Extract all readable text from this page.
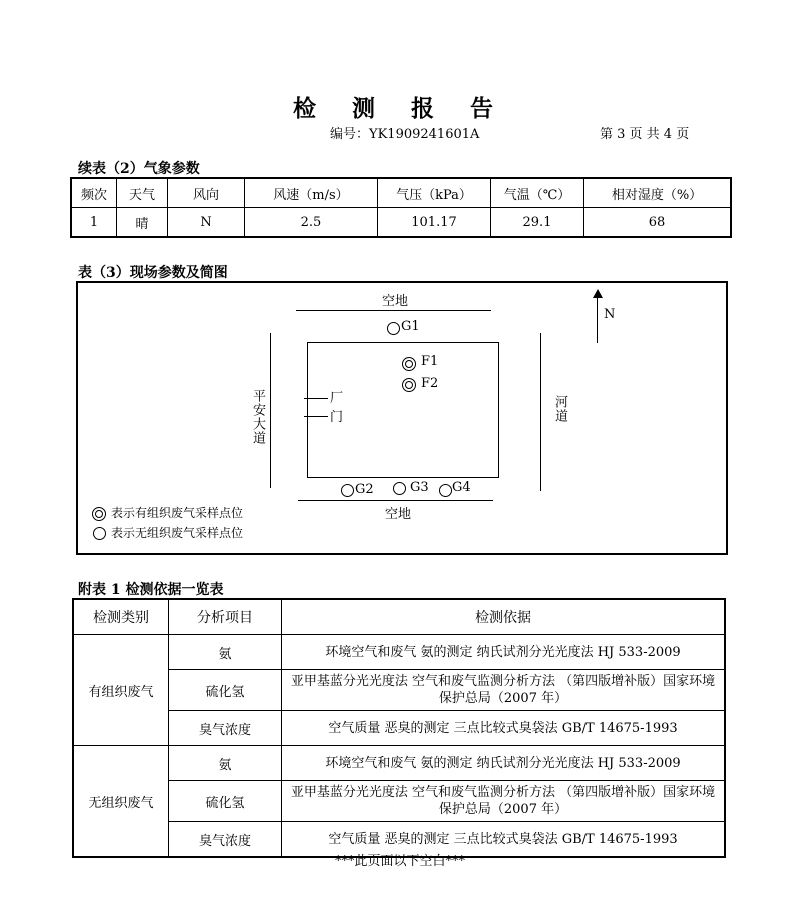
检 测 报 告
编号：YK1909241601A	第 3 页 共 4 页
续表（2）气象参数
频次	天气	风向	风速（m/s）	气压（kPa）	气温（℃）	相对湿度（%）
1	晴	N	2.5	101.17	29.1	68
表（3）现场参数及简图
空地
G1
F1
F2
厂
门
平安大道	河道
N
G2	G3 G4
空地
表示有组织废气采样点位
表示无组织废气采样点位
附表 1 检测依据一览表
检测类别	分析项目	检测依据
有组织废气	氨	环境空气和废气 氨的测定 纳氏试剂分光光度法 HJ 533-2009
	硫化氢	亚甲基蓝分光光度法 空气和废气监测分析方法 （第四版增补版）国家环境保护总局（2007 年）
	臭气浓度	空气质量 恶臭的测定 三点比较式臭袋法 GB/T 14675-1993
无组织废气	氨	环境空气和废气 氨的测定 纳氏试剂分光光度法 HJ 533-2009
	硫化氢	亚甲基蓝分光光度法 空气和废气监测分析方法 （第四版增补版）国家环境保护总局（2007 年）
	臭气浓度	空气质量 恶臭的测定 三点比较式臭袋法 GB/T 14675-1993
***此页面以下空白***
